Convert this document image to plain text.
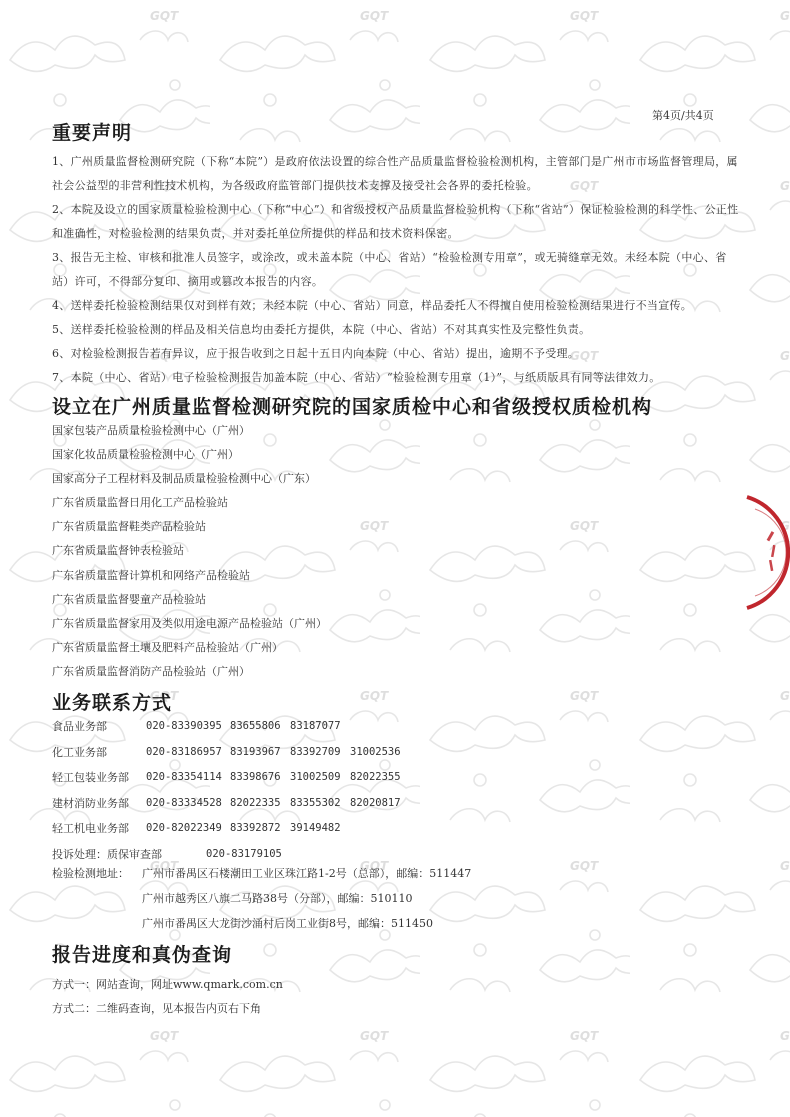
第4页/共4页
重要声明

1、广州质量监督检测研究院（下称“本院”）是政府依法设置的综合性产品质量监督检验检测机构，主管部门是广州市市场监督管理局，属社会公益型的非营利性技术机构，为各级政府监管部门提供技术支撑及接受社会各界的委托检验。

2、本院及设立的国家质量检验检测中心（下称“中心”）和省级授权产品质量监督检验机构（下称“省站”）保证检验检测的科学性、公正性和准确性，对检验检测的结果负责，并对委托单位所提供的样品和技术资料保密。

3、报告无主检、审核和批准人员签字，或涂改，或未盖本院（中心、省站）“检验检测专用章”，或无骑缝章无效。未经本院（中心、省站）许可，不得部分复印、摘用或篡改本报告的内容。

4、送样委托检验检测结果仅对到样有效；未经本院（中心、省站）同意，样品委托人不得擅自使用检验检测结果进行不当宣传。

5、送样委托检验检测的样品及相关信息均由委托方提供，本院（中心、省站）不对其真实性及完整性负责。

6、对检验检测报告若有异议，应于报告收到之日起十五日内向本院（中心、省站）提出，逾期不予受理。

7、本院（中心、省站）电子检验检测报告加盖本院（中心、省站）“检验检测专用章（1）”，与纸质版具有同等法律效力。

设立在广州质量监督检测研究院的国家质检中心和省级授权质检机构
国家包装产品质量检验检测中心（广州）
国家化妆品质量检验检测中心（广州）
国家高分子工程材料及制品质量检验检测中心（广东）
广东省质量监督日用化工产品检验站
广东省质量监督鞋类产品检验站
广东省质量监督钟表检验站
广东省质量监督计算机和网络产品检验站
广东省质量监督婴童产品检验站
广东省质量监督家用及类似用途电源产品检验站（广州）
广东省质量监督土壤及肥料产品检验站（广州）
广东省质量监督消防产品检验站（广州）
业务联系方式
食品业务部	020-83390395 83655806 83187077
化工业务部	020-83186957 83193967 83392709 31002536
轻工包装业务部 020-83354114 83398676 31002509 82022355
建材消防业务部 020-83334528 82022335 83355302 82020817
轻工机电业务部 020-82022349 83392872 39149482
投诉处理：质保审查部	020-83179105
检验检测地址： 广州市番禺区石楼潮田工业区珠江路1-2号（总部），邮编：511447
广州市越秀区八旗二马路38号（分部），邮编：510110
广州市番禺区大龙街沙涌村后岗工业街8号，邮编：511450
报告进度和真伪查询
方式一：网站查询，网址www.qmark.com.cn
方式二：二维码查询，见本报告内页右下角
